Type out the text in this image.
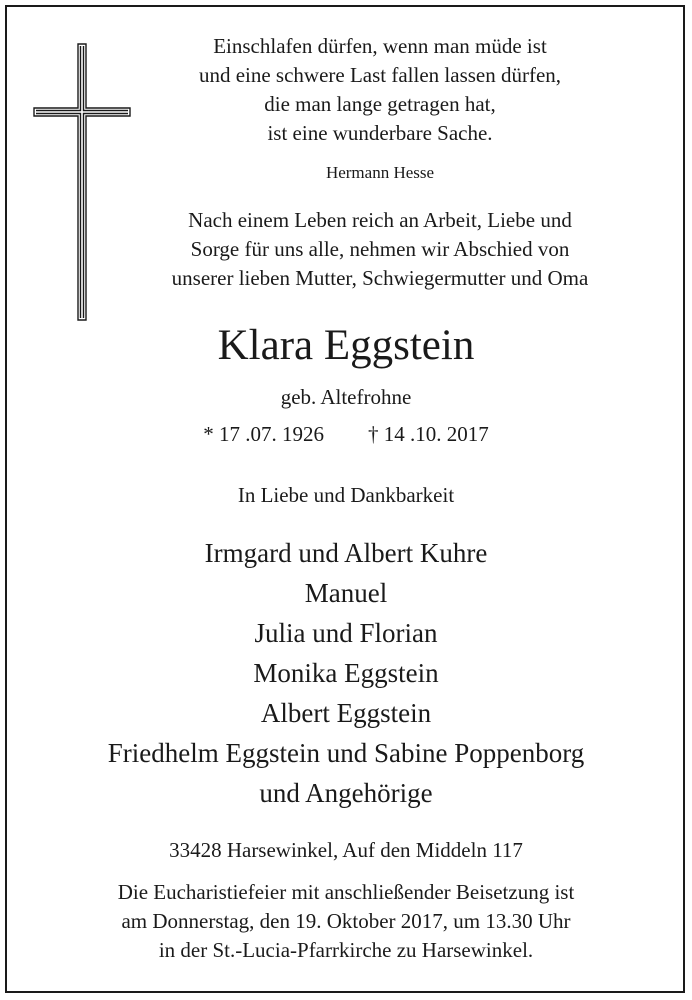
Einschlafen dürfen, wenn man müde ist
und eine schwere Last fallen lassen dürfen,
die man lange getragen hat,
ist eine wunderbare Sache.
Hermann Hesse
Nach einem Leben reich an Arbeit, Liebe und
Sorge für uns alle, nehmen wir Abschied von
unserer lieben Mutter, Schwiegermutter und Oma
Klara Eggstein
geb. Altefrohne
* 17 .07. 1926 † 14 .10. 2017
In Liebe und Dankbarkeit
Irmgard und Albert Kuhre
Manuel
Julia und Florian
Monika Eggstein
Albert Eggstein
Friedhelm Eggstein und Sabine Poppenborg
und Angehörige
33428 Harsewinkel, Auf den Middeln 117
Die Eucharistiefeier mit anschließender Beisetzung ist
am Donnerstag, den 19. Oktober 2017, um 13.30 Uhr
in der St.-Lucia-Pfarrkirche zu Harsewinkel.
